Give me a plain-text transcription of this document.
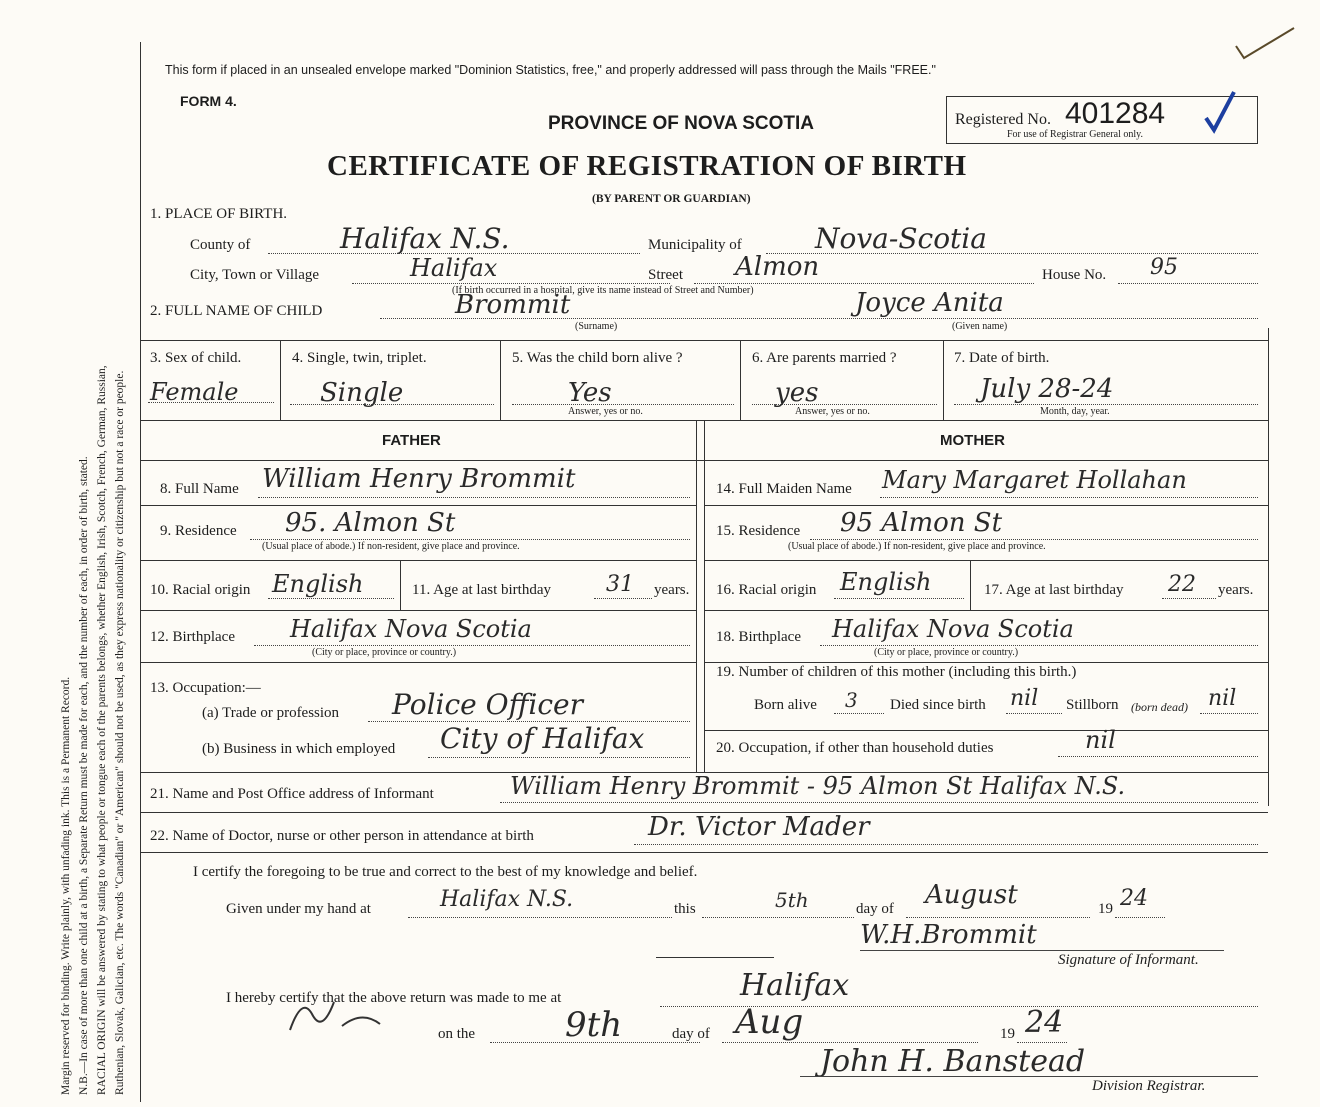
Margin reserved for binding. Write plainly, with unfading ink. This is a Permanent Record. N.B.—In case of more than one child at a birth, a Separate Return must be made for each, and the number of each, in order of birth, stated. RACIAL ORIGIN will be answered by stating to what people or tongue each of the parents belongs, whether English, Irish, Scotch, French, German, Russian, Ruthenian, Slovak, Galician, etc. The words "Canadian" or "American" should not be used, as they express nationality or citizenship but not a race or people.
This form if placed in an unsealed envelope marked "Dominion Statistics, free," and properly addressed will pass through the Mails "FREE."
FORM 4.
PROVINCE OF NOVA SCOTIA
CERTIFICATE OF REGISTRATION OF BIRTH
(BY PARENT OR GUARDIAN)
Registered No. 401284
For use of Registrar General only.
1. PLACE OF BIRTH.
County of	Halifax N.S.	Municipality of	Nova-Scotia
City, Town or Village	Halifax	Street Almon	House No. 95
(If birth occurred in a hospital, give its name instead of Street and Number)
2. FULL NAME OF CHILD	Brommit
(Surname)
Joyce Anita
(Given name)
3. Sex of child.
Female
4. Single, twin, triplet.
Single
5. Was the child born alive ?
Yes
Answer, yes or no.
6. Are parents married ?
yes
Answer, yes or no.
7. Date of birth.
July 28-24
Month, day, year.
FATHER	MOTHER
8. Full Name William Henry Brommit
9. Residence 95. Almon St
(Usual place of abode.) If non-resident, give place and province.
10. Racial origin English	11. Age at last birthday	31 years.
12. Birthplace Halifax Nova Scotia
(City or place, province or country.)
13. Occupation:—
(a) Trade or profession Police Officer
(b) Business in which employed City of Halifax
14. Full Maiden Name Mary Margaret Hollahan
15. Residence 95 Almon St
(Usual place of abode.) If non-resident, give place and province.
16. Racial origin English	17. Age at last birthday 22 years.
18. Birthplace Halifax Nova Scotia
(City or place, province or country.)
19. Number of children of this mother (including this birth.)
Born alive 3 Died since birth nil Stillborn (born dead) nil
20. Occupation, if other than household duties	nil
21. Name and Post Office address of Informant	William Henry Brommit - 95 Almon St Halifax N.S.
22. Name of Doctor, nurse or other person in attendance at birth	Dr. Victor Mader
I certify the foregoing to be true and correct to the best of my knowledge and belief.
Given under my hand at	Halifax N.S.	this	5th	day of August	19 24
W.H.Brommit
Signature of Informant.
I hereby certify that the above return was made to me at	Halifax
on the	9th	day of Aug	19 24
John H. Banstead
Division Registrar.
